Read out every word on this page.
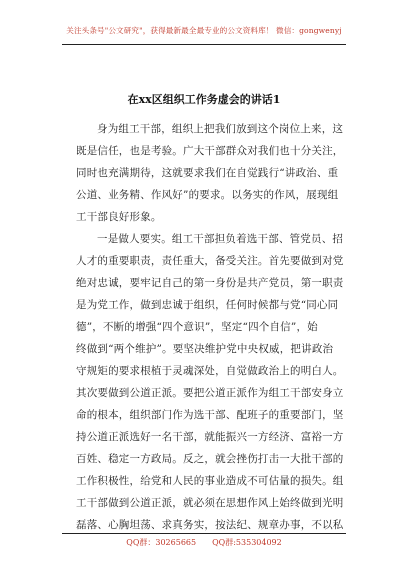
关注头条号"公文研究"，获得最新最全最专业的公文资料库！ 微信：gongwenyj
在xx区组织工作务虚会的讲话1
身为组工干部，组织上把我们放到这个岗位上来，这
既是信任，也是考验。广大干部群众对我们也十分关注，
同时也充满期待，这就要求我们在自觉践行“讲政治、重
公道、业务精、作风好”的要求。以务实的作风，展现组
工干部良好形象。
一是做人要实。组工干部担负着选干部、管党员、招
人才的重要职责，责任重大，备受关注。首先要做到对党
绝对忠诚，要牢记自己的第一身份是共产党员，第一职责
是为党工作，做到忠诚于组织，任何时候都与党“同心同
德”，不断的增强“四个意识”，坚定“四个自信”，始
终做到“两个维护”。要坚决维护党中央权威，把讲政治
守规矩的要求根植于灵魂深处，自觉做政治上的明白人。
其次要做到公道正派。要把公道正派作为组工干部安身立
命的根本，组织部门作为选干部、配班子的重要部门，坚
持公道正派选好一名干部，就能振兴一方经济、富裕一方
百姓、稳定一方政局。反之，就会挫伤打击一大批干部的
工作积极性，给党和人民的事业造成不可估量的损失。组
工干部做到公道正派，就必须在思想作风上始终做到光明
磊落、心胸坦荡、求真务实，按法纪、规章办事，不以私
QQ群：30265665 QQ群:535304092
